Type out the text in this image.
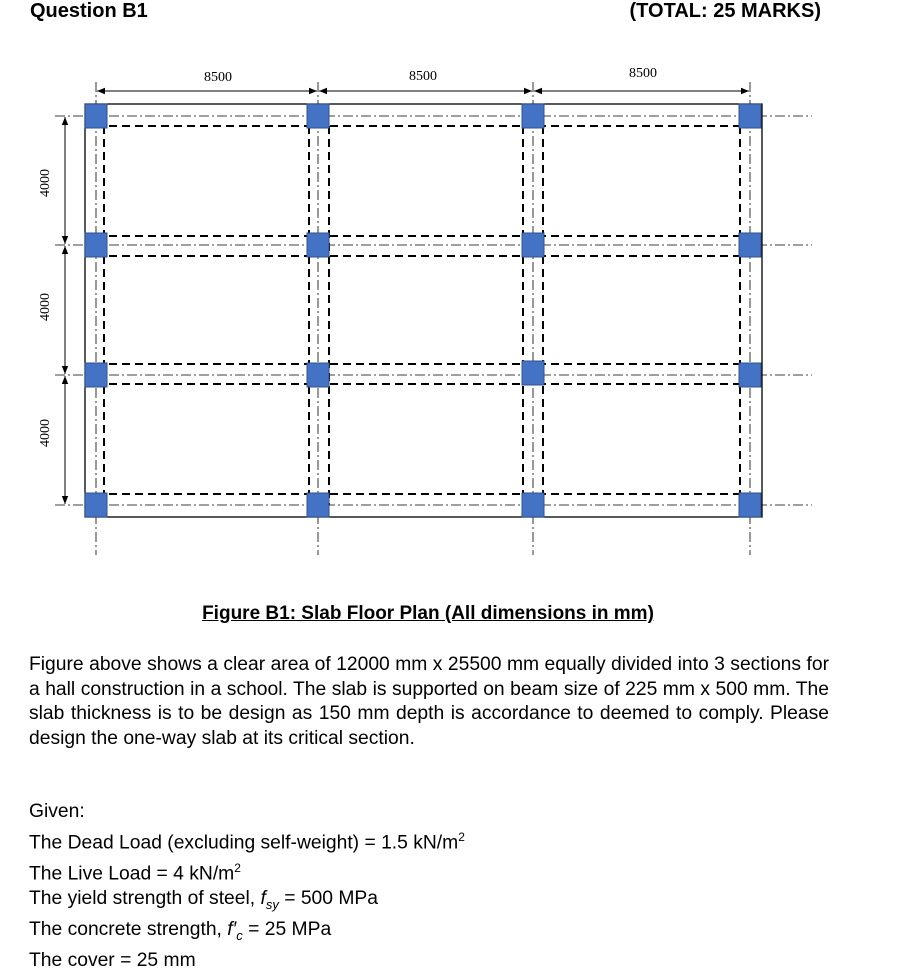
Question B1	(TOTAL: 25 MARKS)
8500	8500	8500
4000
4000
4000
Figure B1: Slab Floor Plan (All dimensions in mm)
Figure above shows a clear area of 12000 mm x 25500 mm equally divided into 3 sections for a hall construction in a school. The slab is supported on beam size of 225 mm x 500 mm. The slab thickness is to be design as 150 mm depth is accordance to deemed to comply. Please design the one-way slab at its critical section.
Given:
The Dead Load (excluding self-weight) = 1.5 $kN/m^2$
The Live Load = 4 $kN/m^2$
The yield strength of steel, $f_{sy} = 500$ MPa
The concrete strength, $f'_c = 25$ MPa
The cover = 25 mm
